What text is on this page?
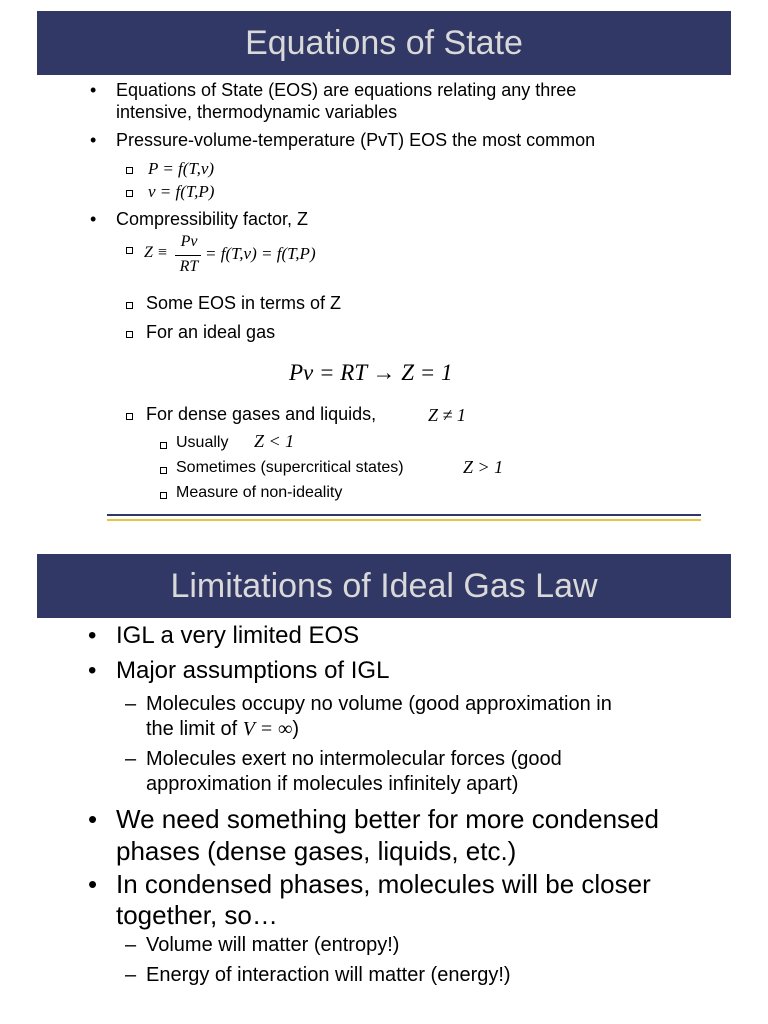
Equations of State
• Equations of State (EOS) are equations relating any three
intensive, thermodynamic variables
• Pressure-volume-temperature (PvT) EOS the most common
P = f(T,v)
v = f(T,P)
• Compressibility factor, Z
Z ≡
Pv
RT
= f(T,v) = f(T,P)
Some EOS in terms of Z
For an ideal gas
Pv = RT → Z = 1
For dense gases and liquids,	Z ≠ 1
Usually Z < 1
Sometimes (supercritical states)	Z > 1
Measure of non-ideality
Limitations of Ideal Gas Law
• IGL a very limited EOS
• Major assumptions of IGL
– Molecules occupy no volume (good approximation in
the limit of V = ∞)
– Molecules exert no intermolecular forces (good
approximation if molecules infinitely apart)
• We need something better for more condensed
phases (dense gases, liquids, etc.)
• In condensed phases, molecules will be closer
together, so…
– Volume will matter (entropy!)
– Energy of interaction will matter (energy!)
